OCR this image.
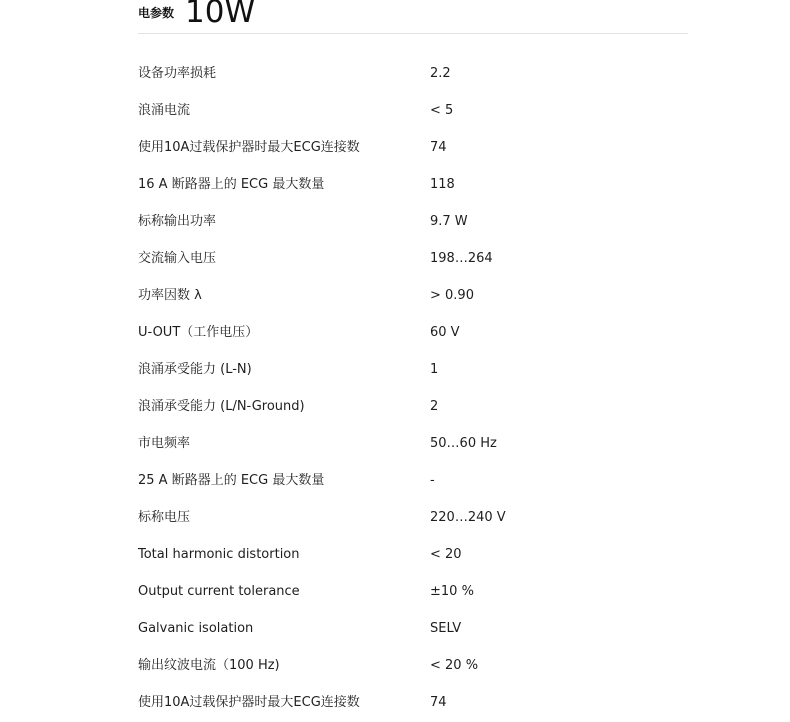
电参数 10W
设备功率损耗	2.2
浪涌电流	< 5
使用10A过载保护器时最大ECG连接数	74
16 A 断路器上的 ECG 最大数量	118
标称输出功率	9.7 W
交流输入电压	198…264
功率因数 λ	> 0.90
U-OUT（工作电压）	60 V
浪涌承受能力 (L-N)	1
浪涌承受能力 (L/N-Ground)	2
市电频率	50…60 Hz
25 A 断路器上的 ECG 最大数量	-
标称电压	220…240 V
Total harmonic distortion	< 20
Output current tolerance	±10 %
Galvanic isolation	SELV
输出纹波电流（100 Hz)	< 20 %
使用10A过载保护器时最大ECG连接数	74
